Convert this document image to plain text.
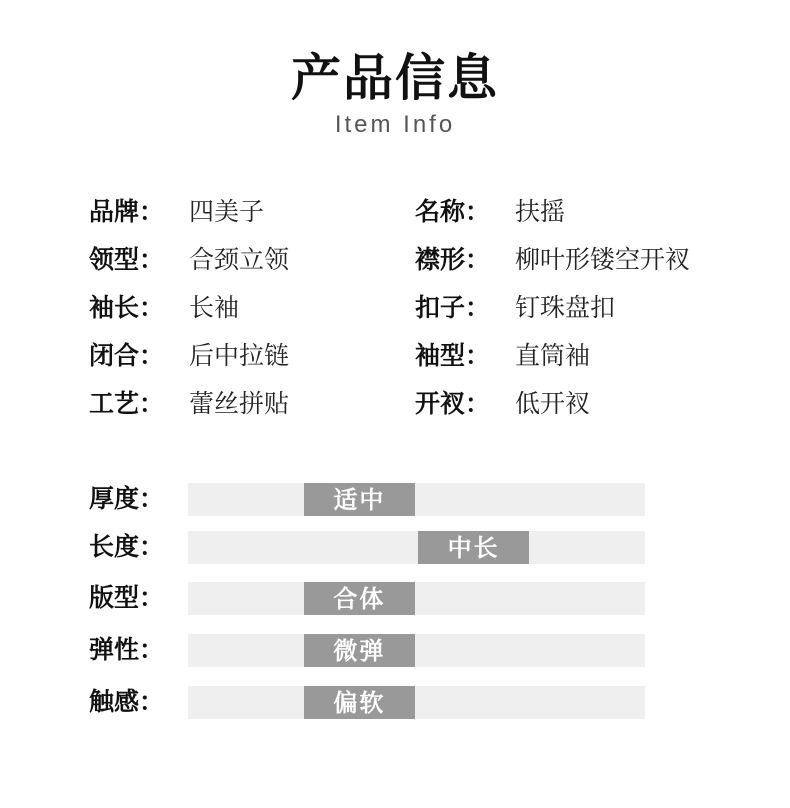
产品信息
Item Info
品牌： 四美子	名称： 扶摇
领型： 合颈立领	襟形： 柳叶形镂空开衩
袖长： 长袖	扣子： 钉珠盘扣
闭合： 后中拉链	袖型： 直筒袖
工艺： 蕾丝拼贴	开衩： 低开衩
厚度：	适中
长度：	中长
版型：	合体
弹性：	微弹
触感：	偏软
